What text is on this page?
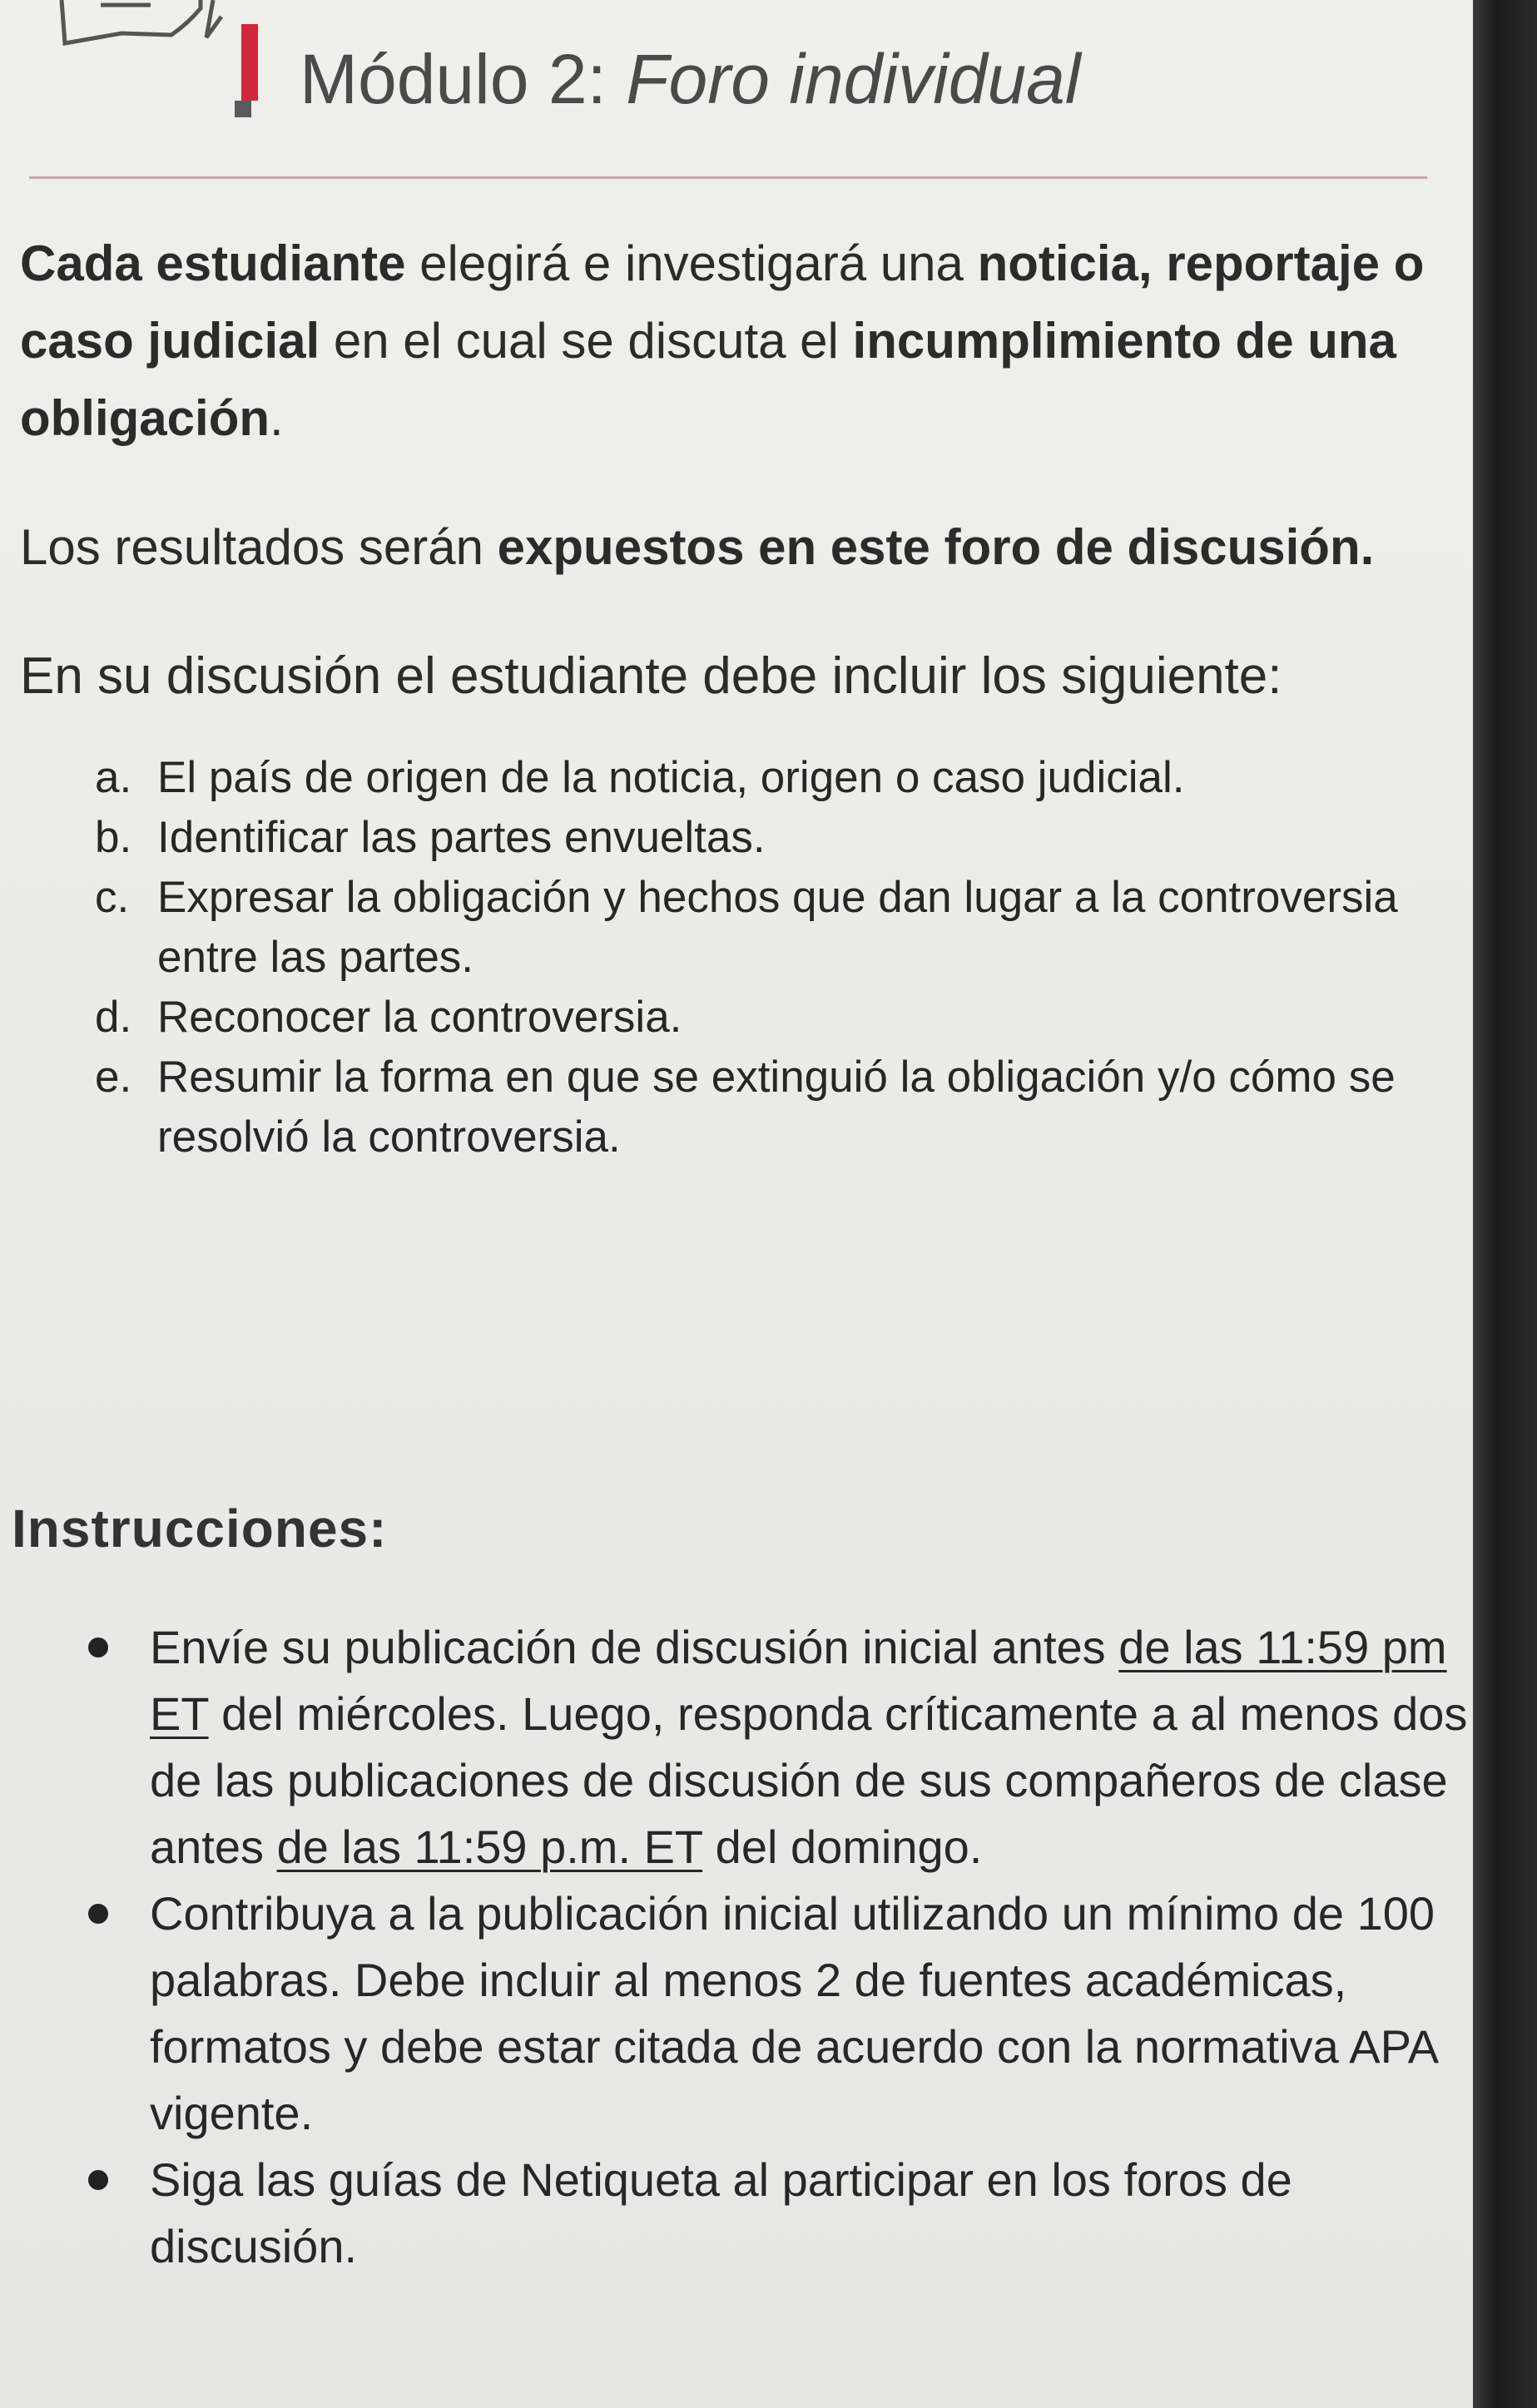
Módulo 2: Foro individual

Cada estudiante elegirá e investigará una noticia, reportaje o caso judicial en el cual se discuta el incumplimiento de una obligación.

Los resultados serán expuestos en este foro de discusión.

En su discusión el estudiante debe incluir los siguiente:

a. El país de origen de la noticia, origen o caso judicial.
b. Identificar las partes envueltas.
c. Expresar la obligación y hechos que dan lugar a la controversia entre las partes.
d. Reconocer la controversia.
e. Resumir la forma en que se extinguió la obligación y/o cómo se resolvió la controversia.
Instrucciones:
Envíe su publicación de discusión inicial antes de las 11:59 pm ET del miércoles. Luego, responda críticamente a al menos dos de las publicaciones de discusión de sus compañeros de clase antes de las 11:59 p.m. ET del domingo.
Contribuya a la publicación inicial utilizando un mínimo de 100 palabras. Debe incluir al menos 2 de fuentes académicas, formatos y debe estar citada de acuerdo con la normativa APA vigente.
Siga las guías de Netiqueta al participar en los foros de discusión.
